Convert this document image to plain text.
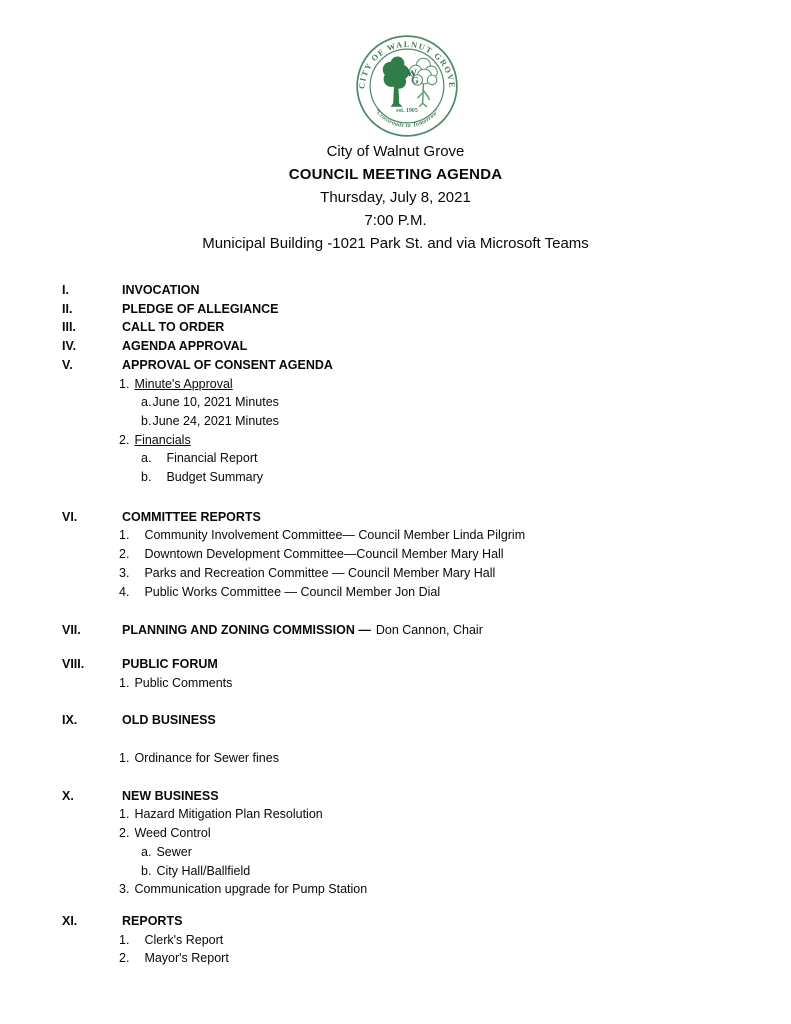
CITY OF WALNUT GROVE
“Crossroads to Tomorrow”
W
G
est. 1905
City of Walnut Grove
COUNCIL MEETING AGENDA
Thursday, July 8, 2021
7:00 P.M.
Municipal Building -1021 Park St. and via Microsoft Teams
I.	INVOCATION
II.	PLEDGE OF ALLEGIANCE
III.	CALL TO ORDER
IV.	AGENDA APPROVAL
V.	APPROVAL OF CONSENT AGENDA
1. Minute's Approval
a. June 10, 2021 Minutes
b. June 24, 2021 Minutes
2. Financials
a. Financial Report
b. Budget Summary
VI.	COMMITTEE REPORTS
1. Community Involvement Committee— Council Member Linda Pilgrim
2. Downtown Development Committee—Council Member Mary Hall
3. Parks and Recreation Committee — Council Member Mary Hall
4. Public Works Committee — Council Member Jon Dial
VII.	PLANNING AND ZONING COMMISSION — Don Cannon, Chair
VIII.	PUBLIC FORUM
1. Public Comments
IX.	OLD BUSINESS
1. Ordinance for Sewer fines
X.	NEW BUSINESS
1. Hazard Mitigation Plan Resolution
2. Weed Control
a. Sewer
b. City Hall/Ballfield
3. Communication upgrade for Pump Station
XI.	REPORTS
1. Clerk's Report
2. Mayor's Report
